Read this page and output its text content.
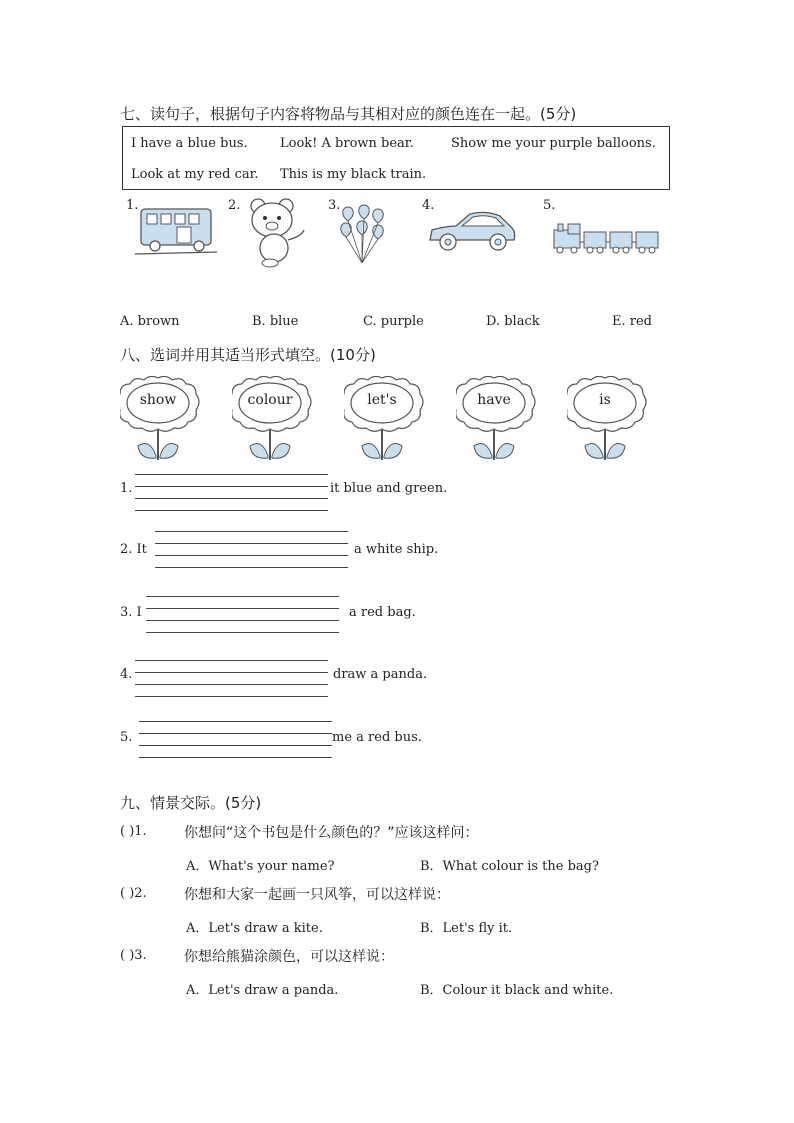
七、读句子，根据句子内容将物品与其相对应的颜色连在一起。(5分)
I have a blue bus. Look! A brown bear.	Show me your purple balloons.
Look at my red car. This is my black train.
1.	2.	3.	4.	5.
A. brown	B. blue	C. purple	D. black	E. red
八、选词并用其适当形式填空。(10分)
show	colour	let's	have	is
1.	it blue and green.
2. It	a white ship.
3. I	a red bag.
4.	draw a panda.
5.	me a red bus.
九、情景交际。(5分)
( )1.	你想问“这个书包是什么颜色的？”应该这样问：
A．What's your name?	B．What colour is the bag?
( )2.	你想和大家一起画一只风筝，可以这样说：
A．Let's draw a kite.	B．Let's fly it.
( )3.	你想给熊猫涂颜色，可以这样说：
A．Let's draw a panda.	B．Colour it black and white.
